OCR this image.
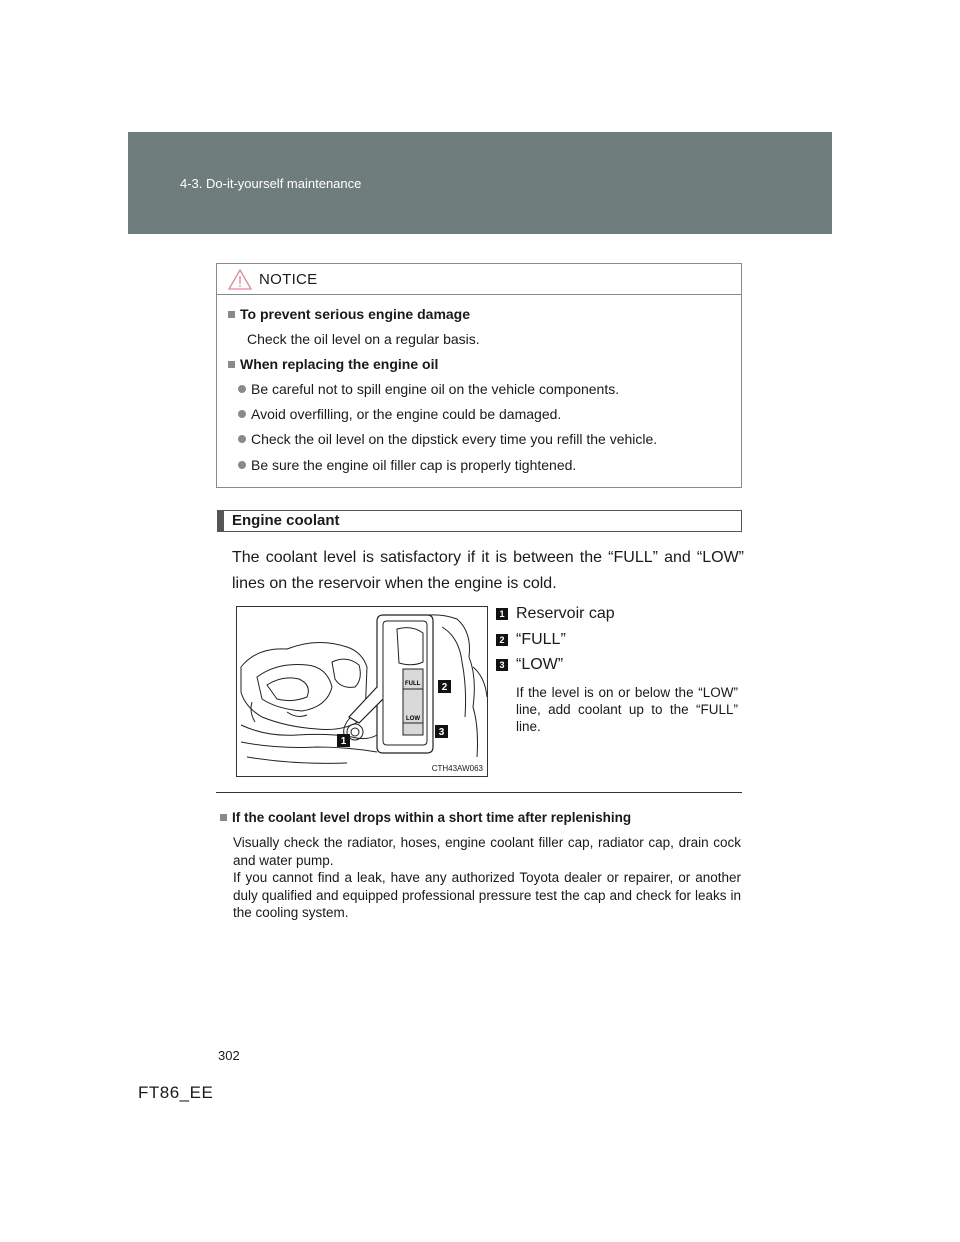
4-3. Do-it-yourself maintenance
NOTICE
To prevent serious engine damage
Check the oil level on a regular basis.
When replacing the engine oil
Be careful not to spill engine oil on the vehicle components.
Avoid overfilling, or the engine could be damaged.
Check the oil level on the dipstick every time you refill the vehicle.
Be sure the engine oil filler cap is properly tightened.
Engine coolant
The coolant level is satisfactory if it is between the “FULL” and “LOW” lines on the reservoir when the engine is cold.
FULL
LOW
2
3
1
CTH43AW063
1 Reservoir cap
2 “FULL”
3 “LOW”
If the level is on or below the “LOW” line, add coolant up to the “FULL” line.
If the coolant level drops within a short time after replenishing
Visually check the radiator, hoses, engine coolant filler cap, radiator cap, drain cock and water pump.
If you cannot find a leak, have any authorized Toyota dealer or repairer, or another duly qualified and equipped professional pressure test the cap and check for leaks in the cooling system.
302
FT86_EE
